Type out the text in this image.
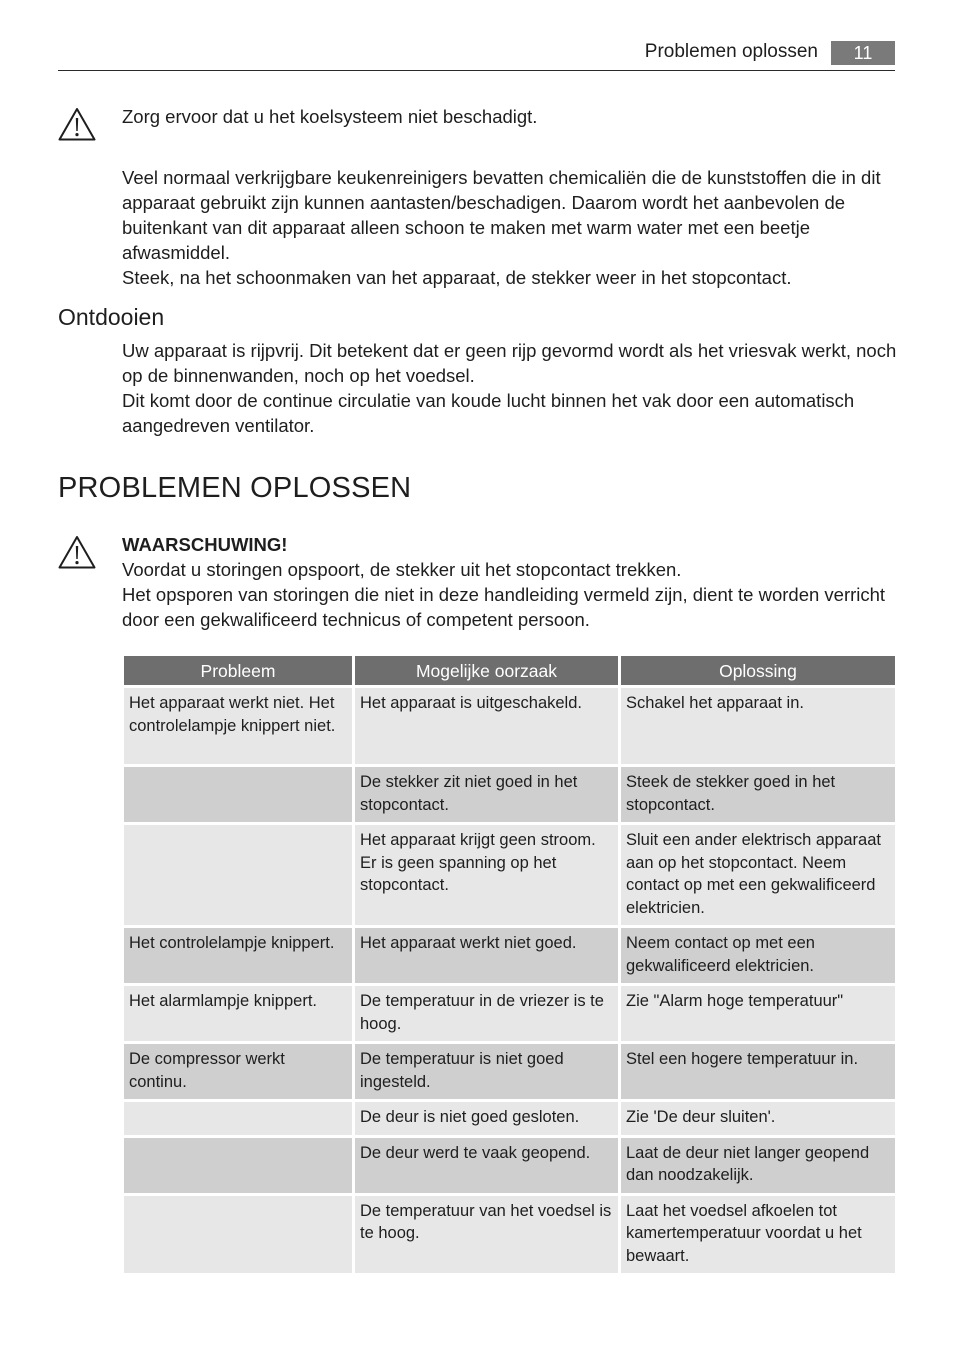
Problemen oplossen	11

Zorg ervoor dat u het koelsysteem niet beschadigt.

Veel normaal verkrijgbare keukenreinigers bevatten chemicaliën die de kunststoffen die in dit apparaat gebruikt zijn kunnen aantasten/beschadigen. Daarom wordt het aanbevolen de buitenkant van dit apparaat alleen schoon te maken met warm water met een beetje afwasmiddel.

Steek, na het schoonmaken van het apparaat, de stekker weer in het stopcontact.

Ontdooien

Uw apparaat is rijpvrij. Dit betekent dat er geen rijp gevormd wordt als het vriesvak werkt, noch op de binnenwanden, noch op het voedsel.

Dit komt door de continue circulatie van koude lucht binnen het vak door een automatisch aangedreven ventilator.

PROBLEMEN OPLOSSEN

WAARSCHUWING!

Voordat u storingen opspoort, de stekker uit het stopcontact trekken.

Het opsporen van storingen die niet in deze handleiding vermeld zijn, dient te worden verricht door een gekwalificeerd technicus of competent persoon.

Probleem	Mogelijke oorzaak	Oplossing
Het apparaat werkt niet. Het controlelampje knippert niet.	Het apparaat is uitgeschakeld.	Schakel het apparaat in.
	De stekker zit niet goed in het stopcontact.	Steek de stekker goed in het stopcontact.
	Het apparaat krijgt geen stroom. Er is geen spanning op het stopcontact.	Sluit een ander elektrisch apparaat aan op het stopcontact. Neem contact op met een gekwalificeerd elektricien.
Het controlelampje knippert.	Het apparaat werkt niet goed.	Neem contact op met een gekwalificeerd elektricien.
Het alarmlampje knippert.	De temperatuur in de vriezer is te hoog.	Zie "Alarm hoge temperatuur"
De compressor werkt continu.	De temperatuur is niet goed ingesteld.	Stel een hogere temperatuur in.
	De deur is niet goed gesloten.	Zie 'De deur sluiten'.
	De deur werd te vaak geopend.	Laat de deur niet langer geopend dan noodzakelijk.
	De temperatuur van het voedsel is te hoog.	Laat het voedsel afkoelen tot kamertemperatuur voordat u het bewaart.
